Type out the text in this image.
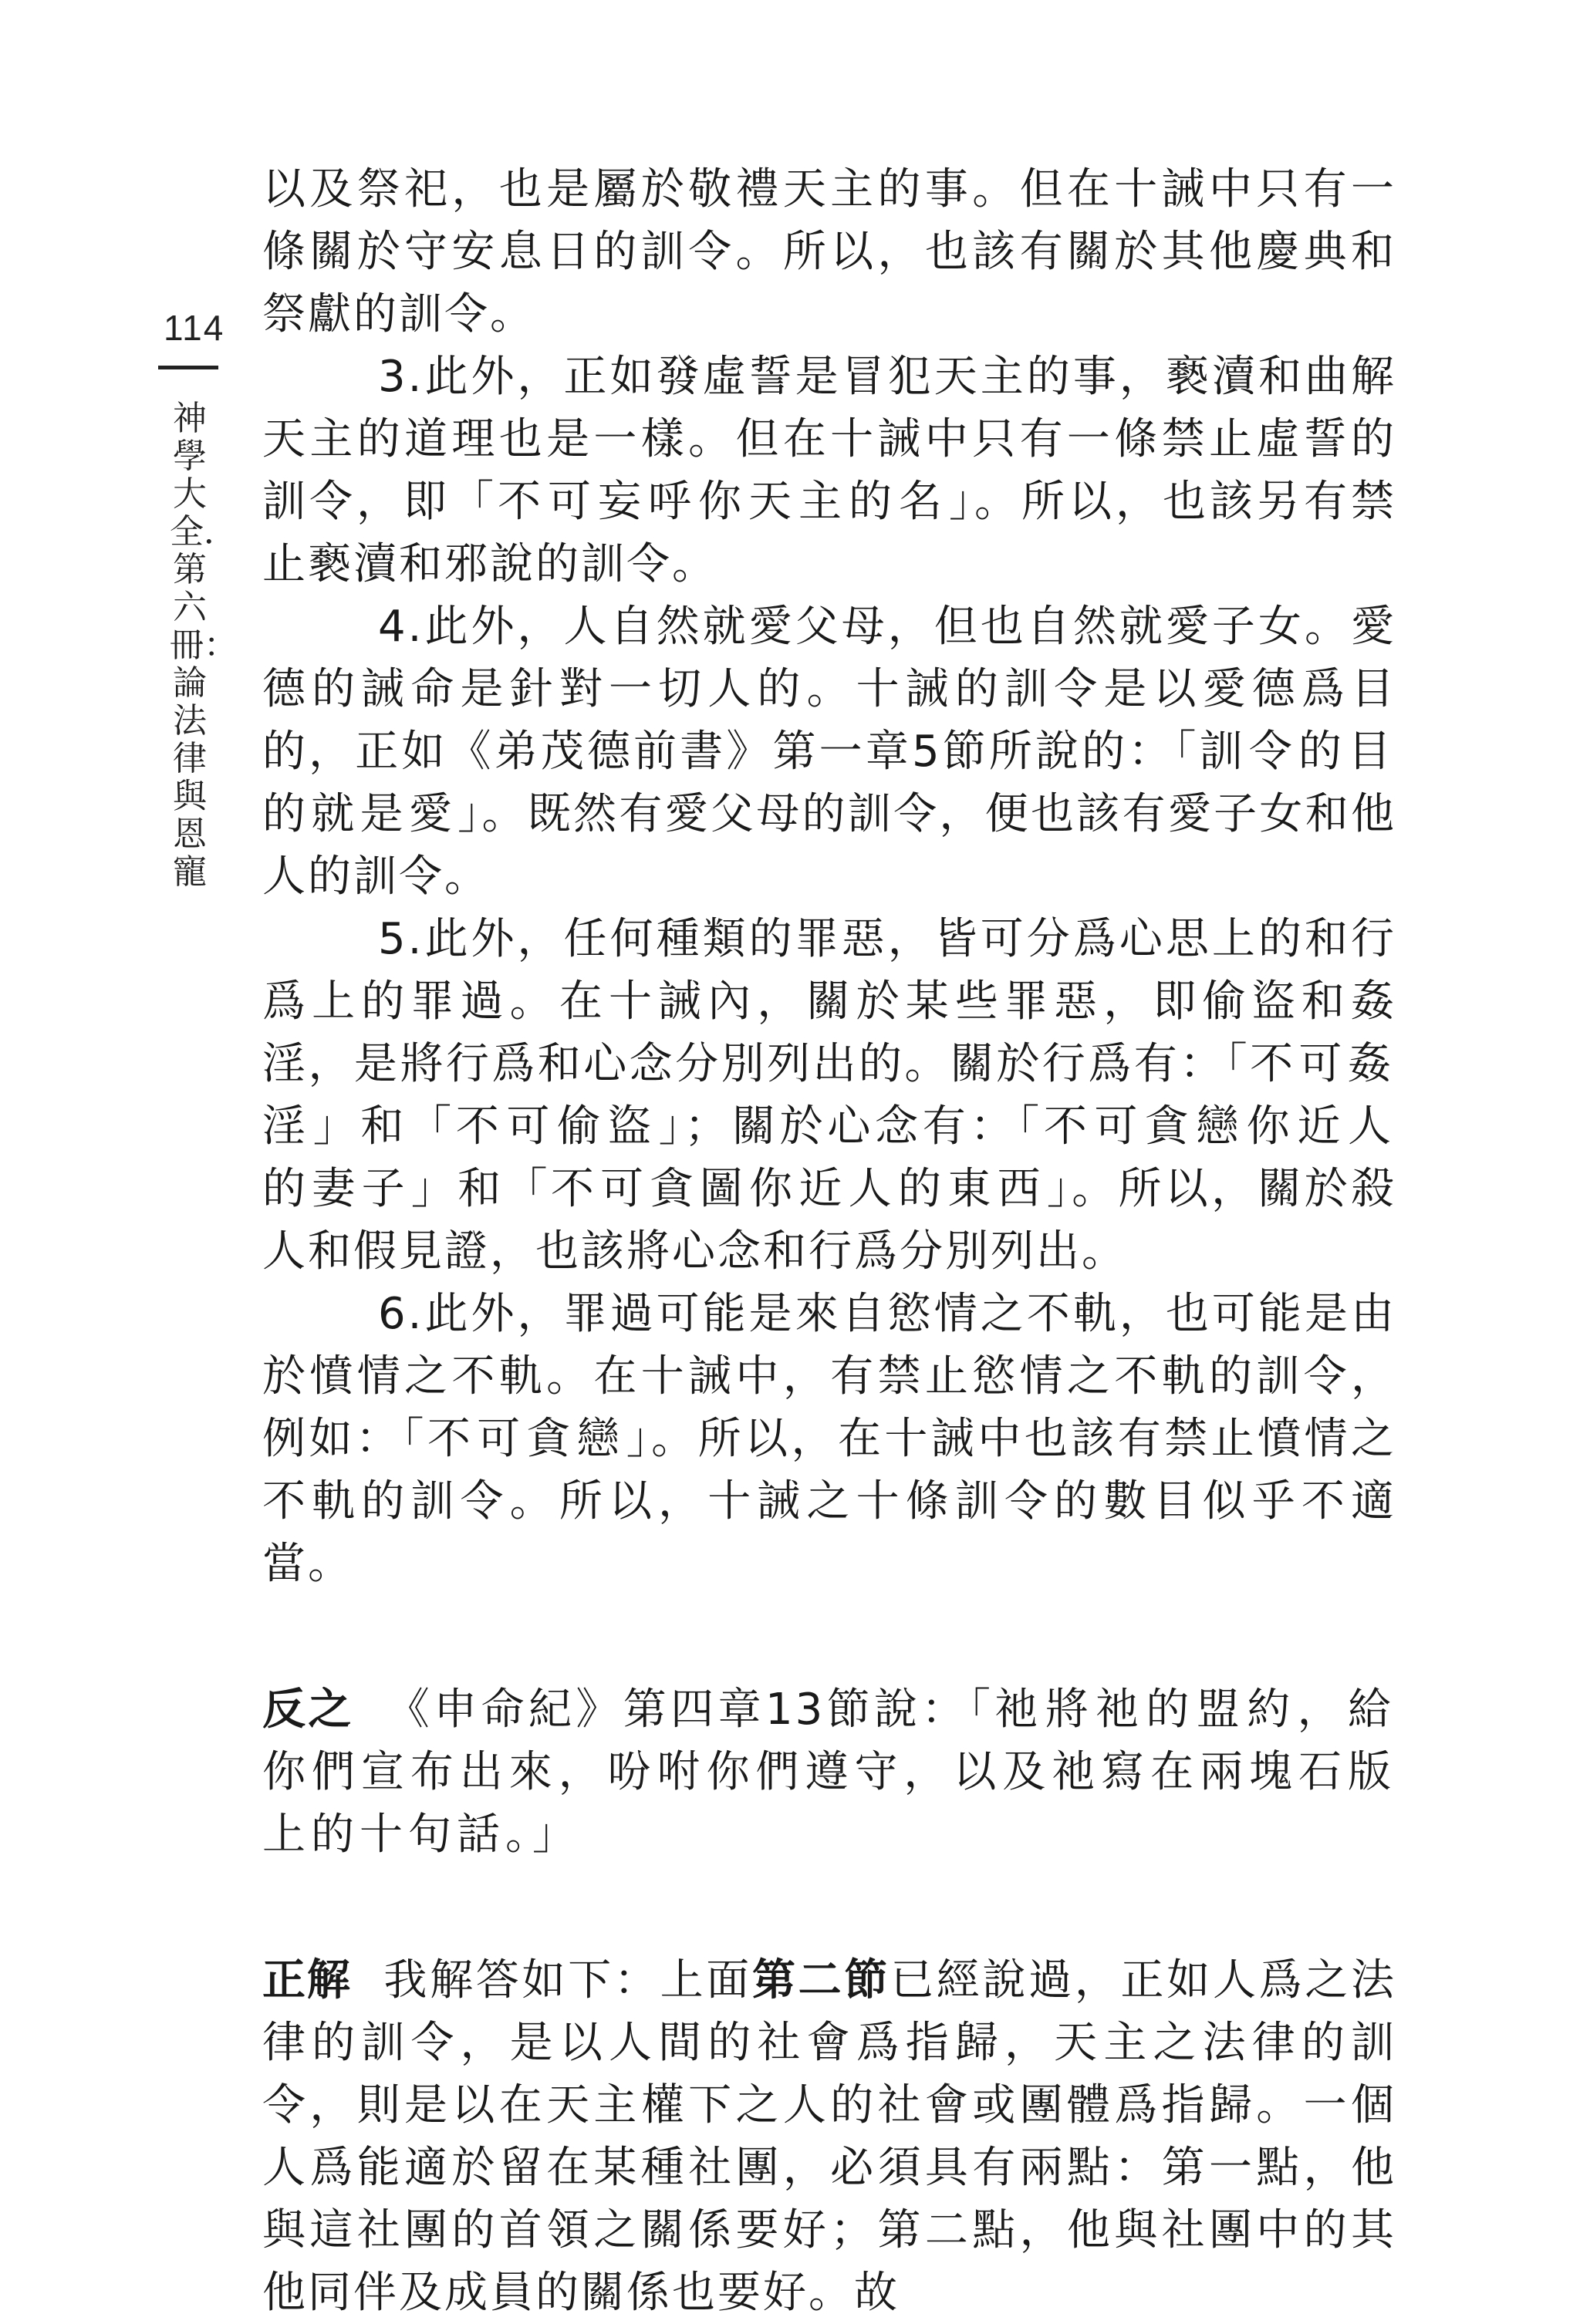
114
神學大全．第六冊：論法律與恩寵

以及祭祀，也是屬於敬禮天主的事。但在十誡中只有一條關於守安息日的訓令。所以，也該有關於其他慶典和祭獻的訓令。

3.此外，正如發虛誓是冒犯天主的事，褻瀆和曲解天主的道理也是一樣。但在十誡中只有一條禁止虛誓的訓令，即「不可妄呼你天主的名」。所以，也該另有禁止褻瀆和邪說的訓令。

4.此外，人自然就愛父母，但也自然就愛子女。愛德的誡命是針對一切人的。十誡的訓令是以愛德爲目的，正如《弟茂德前書》第一章5節所說的：「訓令的目的就是愛」。既然有愛父母的訓令，便也該有愛子女和他人的訓令。

5.此外，任何種類的罪惡，皆可分爲心思上的和行爲上的罪過。在十誡內，關於某些罪惡，即偷盜和姦淫，是將行爲和心念分別列出的。關於行爲有：「不可姦淫」和「不可偷盜」；關於心念有：「不可貪戀你近人的妻子」和「不可貪圖你近人的東西」。所以，關於殺人和假見證，也該將心念和行爲分別列出。

6.此外，罪過可能是來自慾情之不軌，也可能是由於憤情之不軌。在十誡中，有禁止慾情之不軌的訓令，例如：「不可貪戀」。所以，在十誡中也該有禁止憤情之不軌的訓令。所以，十誡之十條訓令的數目似乎不適當。

反之 《申命紀》第四章13節說：「祂將祂的盟約，給你們宣布出來，吩咐你們遵守，以及祂寫在兩塊石版上的十句話。」

正解 我解答如下：上面第二節已經說過，正如人爲之法律的訓令，是以人間的社會爲指歸，天主之法律的訓令，則是以在天主權下之人的社會或團體爲指歸。一個人爲能適於留在某種社團，必須具有兩點：第一點，他與這社團的首領之關係要好；第二點，他與社團中的其他同伴及成員的關係也要好。故
